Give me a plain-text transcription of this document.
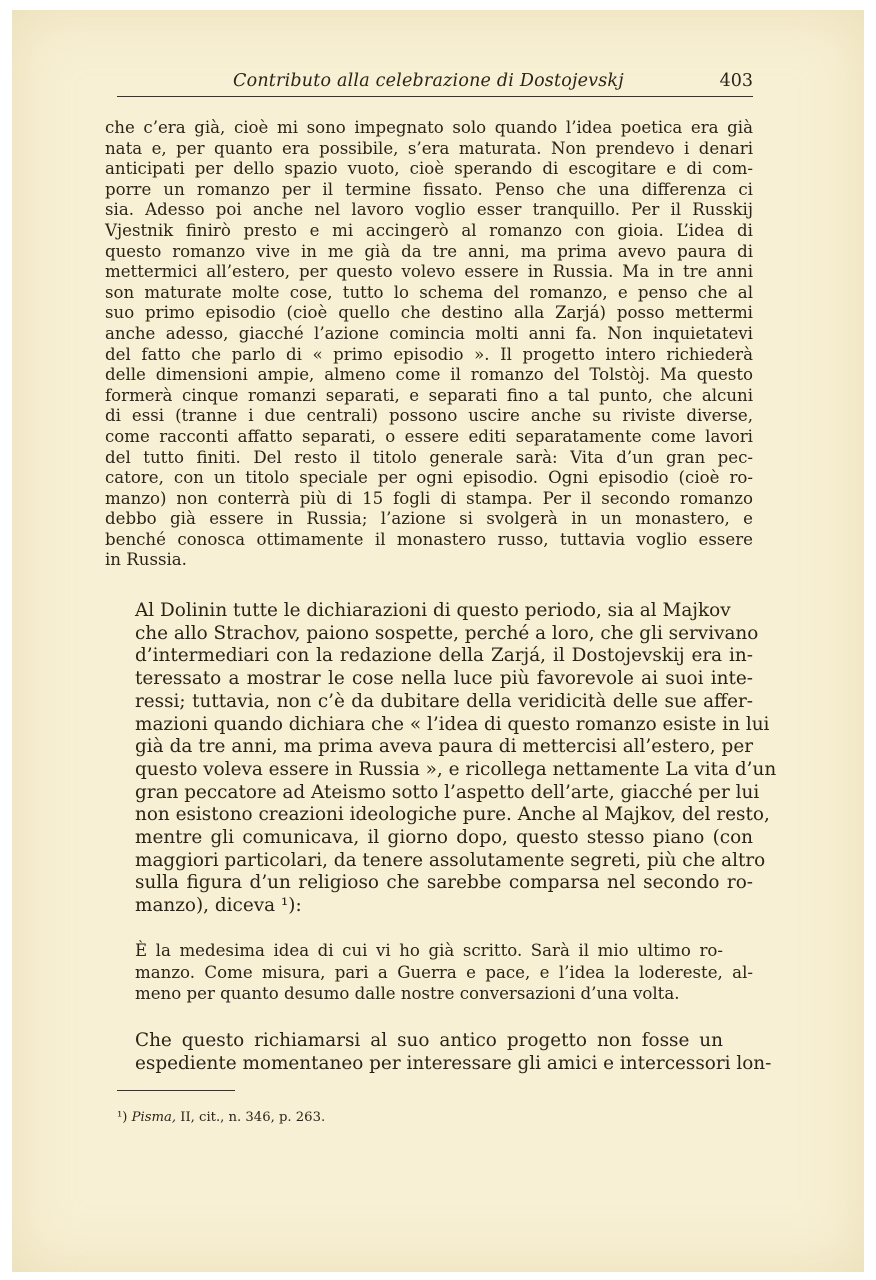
Contributo alla celebrazione di Dostojevskj	403
che c’era già, cioè mi sono impegnato solo quando l’idea poetica era già
nata e, per quanto era possibile, s’era maturata. Non prendevo i denari
anticipati per dello spazio vuoto, cioè sperando di escogitare e di com-
porre un romanzo per il termine fissato. Penso che una differenza ci
sia. Adesso poi anche nel lavoro voglio esser tranquillo. Per il Russkij
Vjestnik finirò presto e mi accingerò al romanzo con gioia. L’idea di
questo romanzo vive in me già da tre anni, ma prima avevo paura di
mettermici all’estero, per questo volevo essere in Russia. Ma in tre anni
son maturate molte cose, tutto lo schema del romanzo, e penso che al
suo primo episodio (cioè quello che destino alla Zarjá) posso mettermi
anche adesso, giacché l’azione comincia molti anni fa. Non inquietatevi
del fatto che parlo di « primo episodio ». Il progetto intero richiederà
delle dimensioni ampie, almeno come il romanzo del Tolstòj. Ma questo
formerà cinque romanzi separati, e separati fino a tal punto, che alcuni
di essi (tranne i due centrali) possono uscire anche su riviste diverse,
come racconti affatto separati, o essere editi separatamente come lavori
del tutto finiti. Del resto il titolo generale sarà: Vita d’un gran pec-
catore, con un titolo speciale per ogni episodio. Ogni episodio (cioè ro-
manzo) non conterrà più di 15 fogli di stampa. Per il secondo romanzo
debbo già essere in Russia; l’azione si svolgerà in un monastero, e
benché conosca ottimamente il monastero russo, tuttavia voglio essere
in Russia.
Al Dolinin tutte le dichiarazioni di questo periodo, sia al Majkov
che allo Strachov, paiono sospette, perché a loro, che gli servivano
d’intermediari con la redazione della Zarjá, il Dostojevskij era in-
teressato a mostrar le cose nella luce più favorevole ai suoi inte-
ressi; tuttavia, non c’è da dubitare della veridicità delle sue affer-
mazioni quando dichiara che « l’idea di questo romanzo esiste in lui
già da tre anni, ma prima aveva paura di mettercisi all’estero, per
questo voleva essere in Russia », e ricollega nettamente La vita d’un
gran peccatore ad Ateismo sotto l’aspetto dell’arte, giacché per lui
non esistono creazioni ideologiche pure. Anche al Majkov, del resto,
mentre gli comunicava, il giorno dopo, questo stesso piano (con
maggiori particolari, da tenere assolutamente segreti, più che altro
sulla figura d’un religioso che sarebbe comparsa nel secondo ro-
manzo), diceva ¹):
È la medesima idea di cui vi ho già scritto. Sarà il mio ultimo ro-
manzo. Come misura, pari a Guerra e pace, e l’idea la lodereste, al-
meno per quanto desumo dalle nostre conversazioni d’una volta.
Che questo richiamarsi al suo antico progetto non fosse un
espediente momentaneo per interessare gli amici e intercessori lon-
¹) Pisma, II, cit., n. 346, p. 263.
